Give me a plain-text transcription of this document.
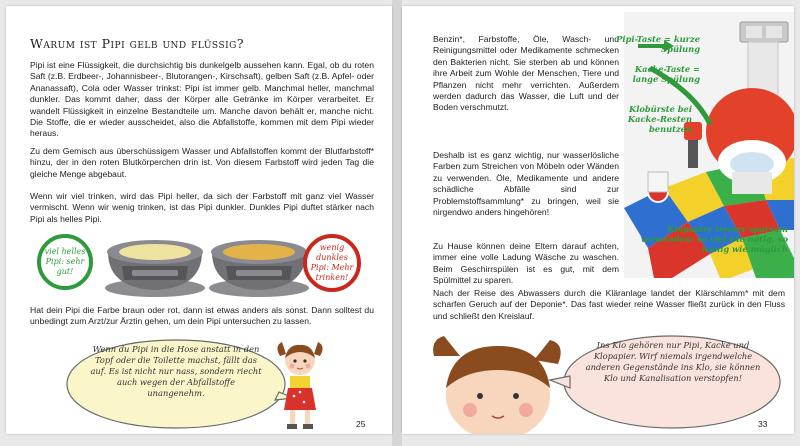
Warum ist Pipi gelb und flüssig?

Pipi ist eine Flüssigkeit, die durchsichtig bis dunkelgelb aussehen kann. Egal, ob du roten Saft (z.B. Erdbeer-, Johannisbeer-, Blutorangen-, Kirschsaft), gelben Saft (z.B. Apfel- oder Ananassaft), Cola oder Wasser trinkst: Pipi ist immer gelb. Manchmal heller, manchmal dunkler. Das kommt daher, dass der Körper alle Getränke im Körper verarbeitet. Er wandelt Flüssigkeit in einzelne Bestandteile um. Manche davon behält er, manche nicht. Die Stoffe, die er wieder ausscheidet, also die Abfallstoffe, kommen mit dem Pipi wieder heraus.

Zu dem Gemisch aus überschüssigem Wasser und Abfallstoffen kommt der Blutfarbstoff* hinzu, der in den roten Blutkörperchen drin ist. Von diesem Farbstoff wird jeden Tag die gleiche Menge abgebaut.

Wenn wir viel trinken, wird das Pipi heller, da sich der Farbstoff mit ganz viel Wasser vermischt. Wenn wir wenig trinken, ist das Pipi dunkler. Dunkles Pipi duftet stärker nach Pipi als helles Pipi.

viel helles Pipi: sehr gut!
wenig dunkles Pipi: Mehr trinken!

Hat dein Pipi die Farbe braun oder rot, dann ist etwas anders als sonst. Dann solltest du unbedingt zum Arzt/zur Ärztin gehen, um dein Pipi untersuchen zu lassen.

Wenn du Pipi in die Hose anstatt in den Topf oder die Toilette machst, fällt das auf. Es ist nicht nur nass, sondern riecht auch wegen der Abfallstoffe unangenehm.
25

Benzin*, Farbstoffe, Öle, Wasch- und Reinigungsmittel oder Medikamente schmecken den Bakterien nicht. Sie sterben ab und können ihre Arbeit zum Wohle der Menschen, Tiere und Pflanzen nicht mehr verrichten. Außerdem werden dadurch das Wasser, die Luft und der Boden verschmutzt.

Deshalb ist es ganz wichtig, nur wasserlösliche Farben zum Streichen von Möbeln oder Wänden zu verwenden. Öle, Medikamente und andere schädliche Abfälle sind zur Problemstoffsammlung* zu bringen, weil sie nirgendwo anders hingehören!

Zu Hause können deine Eltern darauf achten, immer eine volle Ladung Wäsche zu waschen. Beim Geschirrspülen ist es gut, mit dem Spülmittel zu sparen.

Nach der Reise des Abwassers durch die Kläranlage landet der Klärschlamm* mit dem scharfen Geruch auf der Deponie*. Das fast wieder reine Wasser fließt zurück in den Fluss und schließt den Kreislauf.

Pipi-Taste = kurze Spülung
Kacke-Taste = lange Spülung
Klobürste bei Kacke-Resten benutzen
Klopapier immer sparsam verwenden: so viel wie nötig, so wenig wie möglich
Ins Klo gehören nur Pipi, Kacke und Klopapier. Wirf niemals irgendwelche anderen Gegenstände ins Klo, sie können Klo und Kanalisation verstopfen!
33
